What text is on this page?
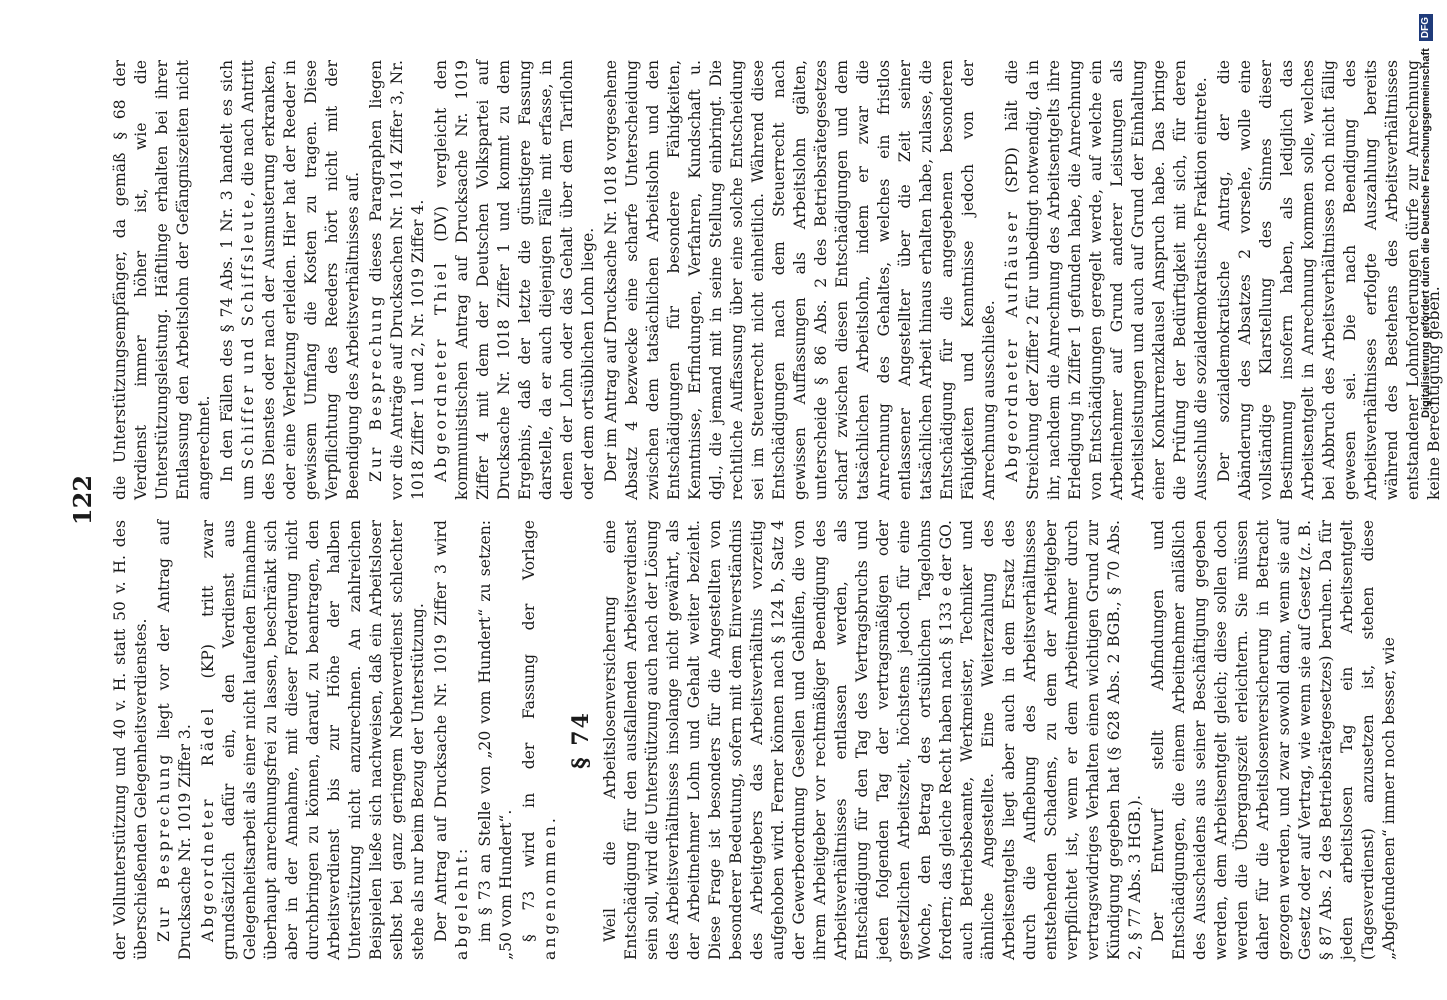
122

der Vollunterstützung und 40 v. H. statt 50 v. H. des überschießenden Gelegenheitsverdienstes. Zur Besprechung liegt vor der Antrag auf Drucksache Nr. 1019 Ziffer 3. Abgeordneter Rädel (KP) tritt zwar grundsätzlich dafür ein, den Verdienst aus Gelegenheitsarbeit als einer nicht laufenden Einnahme überhaupt anrechnungsfrei zu lassen, beschränkt sich aber in der Annahme, mit dieser Forderung nicht durchbringen zu können, darauf, zu beantragen, den Arbeitsverdienst bis zur Höhe der halben Unterstützung nicht anzurechnen. An zahlreichen Beispielen ließe sich nachweisen, daß ein Arbeitsloser selbst bei ganz geringem Nebenverdienst schlechter stehe als nur beim Bezug der Unterstützung. Der Antrag auf Drucksache Nr. 1019 Ziffer 3 wird abgelehnt: im § 73 an Stelle von „20 vom Hundert“ zu setzen: „50 vom Hundert“. § 73 wird in der Fassung der Vorlage angenommen.

§ 74 Weil die Arbeitslosenversicherung eine Entschädigung für den ausfallenden Arbeitsverdienst sein soll, wird die Unterstützung auch nach der Lösung des Arbeitsverhältnisses insolange nicht gewährt, als der Arbeitnehmer Lohn und Gehalt weiter bezieht. Diese Frage ist besonders für die Angestellten von besonderer Bedeutung, sofern mit dem Einverständnis des Arbeitgebers das Arbeitsverhältnis vorzeitig aufgehoben wird. Ferner können nach § 124 b, Satz 4 der Gewerbeordnung Gesellen und Gehilfen, die von ihrem Arbeitgeber vor rechtmäßiger Beendigung des Arbeitsverhältnisses entlassen werden, als Entschädigung für den Tag des Vertragsbruchs und jeden folgenden Tag der vertragsmäßigen oder gesetzlichen Arbeitszeit, höchstens jedoch für eine Woche, den Betrag des ortsüblichen Tagelohns fordern; das gleiche Recht haben nach § 133 e der GO. auch Betriebsbeamte, Werkmeister, Techniker und ähnliche Angestellte. Eine Weiterzahlung des Arbeitsentgelts liegt aber auch in dem Ersatz des durch die Aufhebung des Arbeitsverhältnisses entstehenden Schadens, zu dem der Arbeitgeber verpflichtet ist, wenn er dem Arbeitnehmer durch vertragswidriges Verhalten einen wichtigen Grund zur Kündigung gegeben hat (§ 628 Abs. 2 BGB., § 70 Abs. 2, § 77 Abs. 3 HGB.). Der Entwurf stellt Abfindungen und Entschädigungen, die einem Arbeitnehmer anläßlich des Ausscheidens aus seiner Beschäftigung gegeben werden, dem Arbeitsentgelt gleich; diese sollen doch werden die Übergangszeit erleichtern. Sie müssen daher für die Arbeitslosenversicherung in Betracht gezogen werden, und zwar sowohl dann, wenn sie auf Gesetz oder auf Vertrag, wie wenn sie auf Gesetz (z. B. § 87 Abs. 2 des Betriebsrätegesetzes) beruhen. Da für jeden arbeitslosen Tag ein Arbeitsentgelt (Tagesverdienst) anzusetzen ist, stehen diese „Abgefundenen“ immer noch besser, wie

die Unterstützungsempfänger, da gemäß § 68 der Verdienst immer höher ist, wie die Unterstützungsleistung. Häftlinge erhalten bei ihrer Entlassung den Arbeitslohn der Gefängniszeiten nicht angerechnet. In den Fällen des § 74 Abs. 1 Nr. 3 handelt es sich um Schiffer und Schiffsleute, die nach Antritt des Dienstes oder nach der Ausmusterung erkranken, oder eine Verletzung erleiden. Hier hat der Reeder in gewissem Umfang die Kosten zu tragen. Diese Verpflichtung des Reeders hört nicht mit der Beendigung des Arbeitsverhältnisses auf. Zur Besprechung dieses Paragraphen liegen vor die Anträge auf Drucksachen Nr. 1014 Ziffer 3, Nr. 1018 Ziffer 1 und 2, Nr. 1019 Ziffer 4. Abgeordneter Thiel (DV) vergleicht den kommunistischen Antrag auf Drucksache Nr. 1019 Ziffer 4 mit dem der Deutschen Volkspartei auf Drucksache Nr. 1018 Ziffer 1 und kommt zu dem Ergebnis, daß der letzte die günstigere Fassung darstelle, da er auch diejenigen Fälle mit erfasse, in denen der Lohn oder das Gehalt über dem Tariflohn oder dem ortsüblichen Lohn liege. Der im Antrag auf Drucksache Nr. 1018 vorgesehene Absatz 4 bezwecke eine scharfe Unterscheidung zwischen dem tatsächlichen Arbeitslohn und den Entschädigungen für besondere Fähigkeiten, Kenntnisse, Erfindungen, Verfahren, Kundschaft u. dgl., die jemand mit in seine Stellung einbringt. Die rechtliche Auffassung über eine solche Entscheidung sei im Steuerrecht nicht einheitlich. Während diese Entschädigungen nach dem Steuerrecht nach gewissen Auffassungen als Arbeitslohn gälten, unterscheide § 86 Abs. 2 des Betriebsrätegesetzes scharf zwischen diesen Entschädigungen und dem tatsächlichen Arbeitslohn, indem er zwar die Anrechnung des Gehaltes, welches ein fristlos entlassener Angestellter über die Zeit seiner tatsächlichen Arbeit hinaus erhalten habe, zulasse, die Entschädigung für die angegebenen besonderen Fähigkeiten und Kenntnisse jedoch von der Anrechnung ausschließe. Abgeordneter Aufhäuser (SPD) hält die Streichung der Ziffer 2 für unbedingt notwendig, da in ihr, nachdem die Anrechnung des Arbeitsentgelts ihre Erledigung in Ziffer 1 gefunden habe, die Anrechnung von Entschädigungen geregelt werde, auf welche ein Arbeitnehmer auf Grund anderer Leistungen als Arbeitsleistungen und auch auf Grund der Einhaltung einer Konkurrenzklausel Anspruch habe. Das bringe die Prüfung der Bedürftigkeit mit sich, für deren Ausschluß die sozialdemokratische Fraktion eintrete. Der sozialdemokratische Antrag, der die Abänderung des Absatzes 2 vorsehe, wolle eine vollständige Klarstellung des Sinnes dieser Bestimmung insofern haben, als lediglich das Arbeitsentgelt in Anrechnung kommen solle, welches bei Abbruch des Arbeitsverhältnisses noch nicht fällig gewesen sei. Die nach Beendigung des Arbeitsverhältnisses erfolgte Auszahlung bereits während des Bestehens des Arbeitsverhältnisses entstandener Lohnforderungen dürfe zur Anrechnung keine Berechtigung geben.

Digitalisierung gefördert durch die Deutsche Forschungsgemeinschaft DFG
